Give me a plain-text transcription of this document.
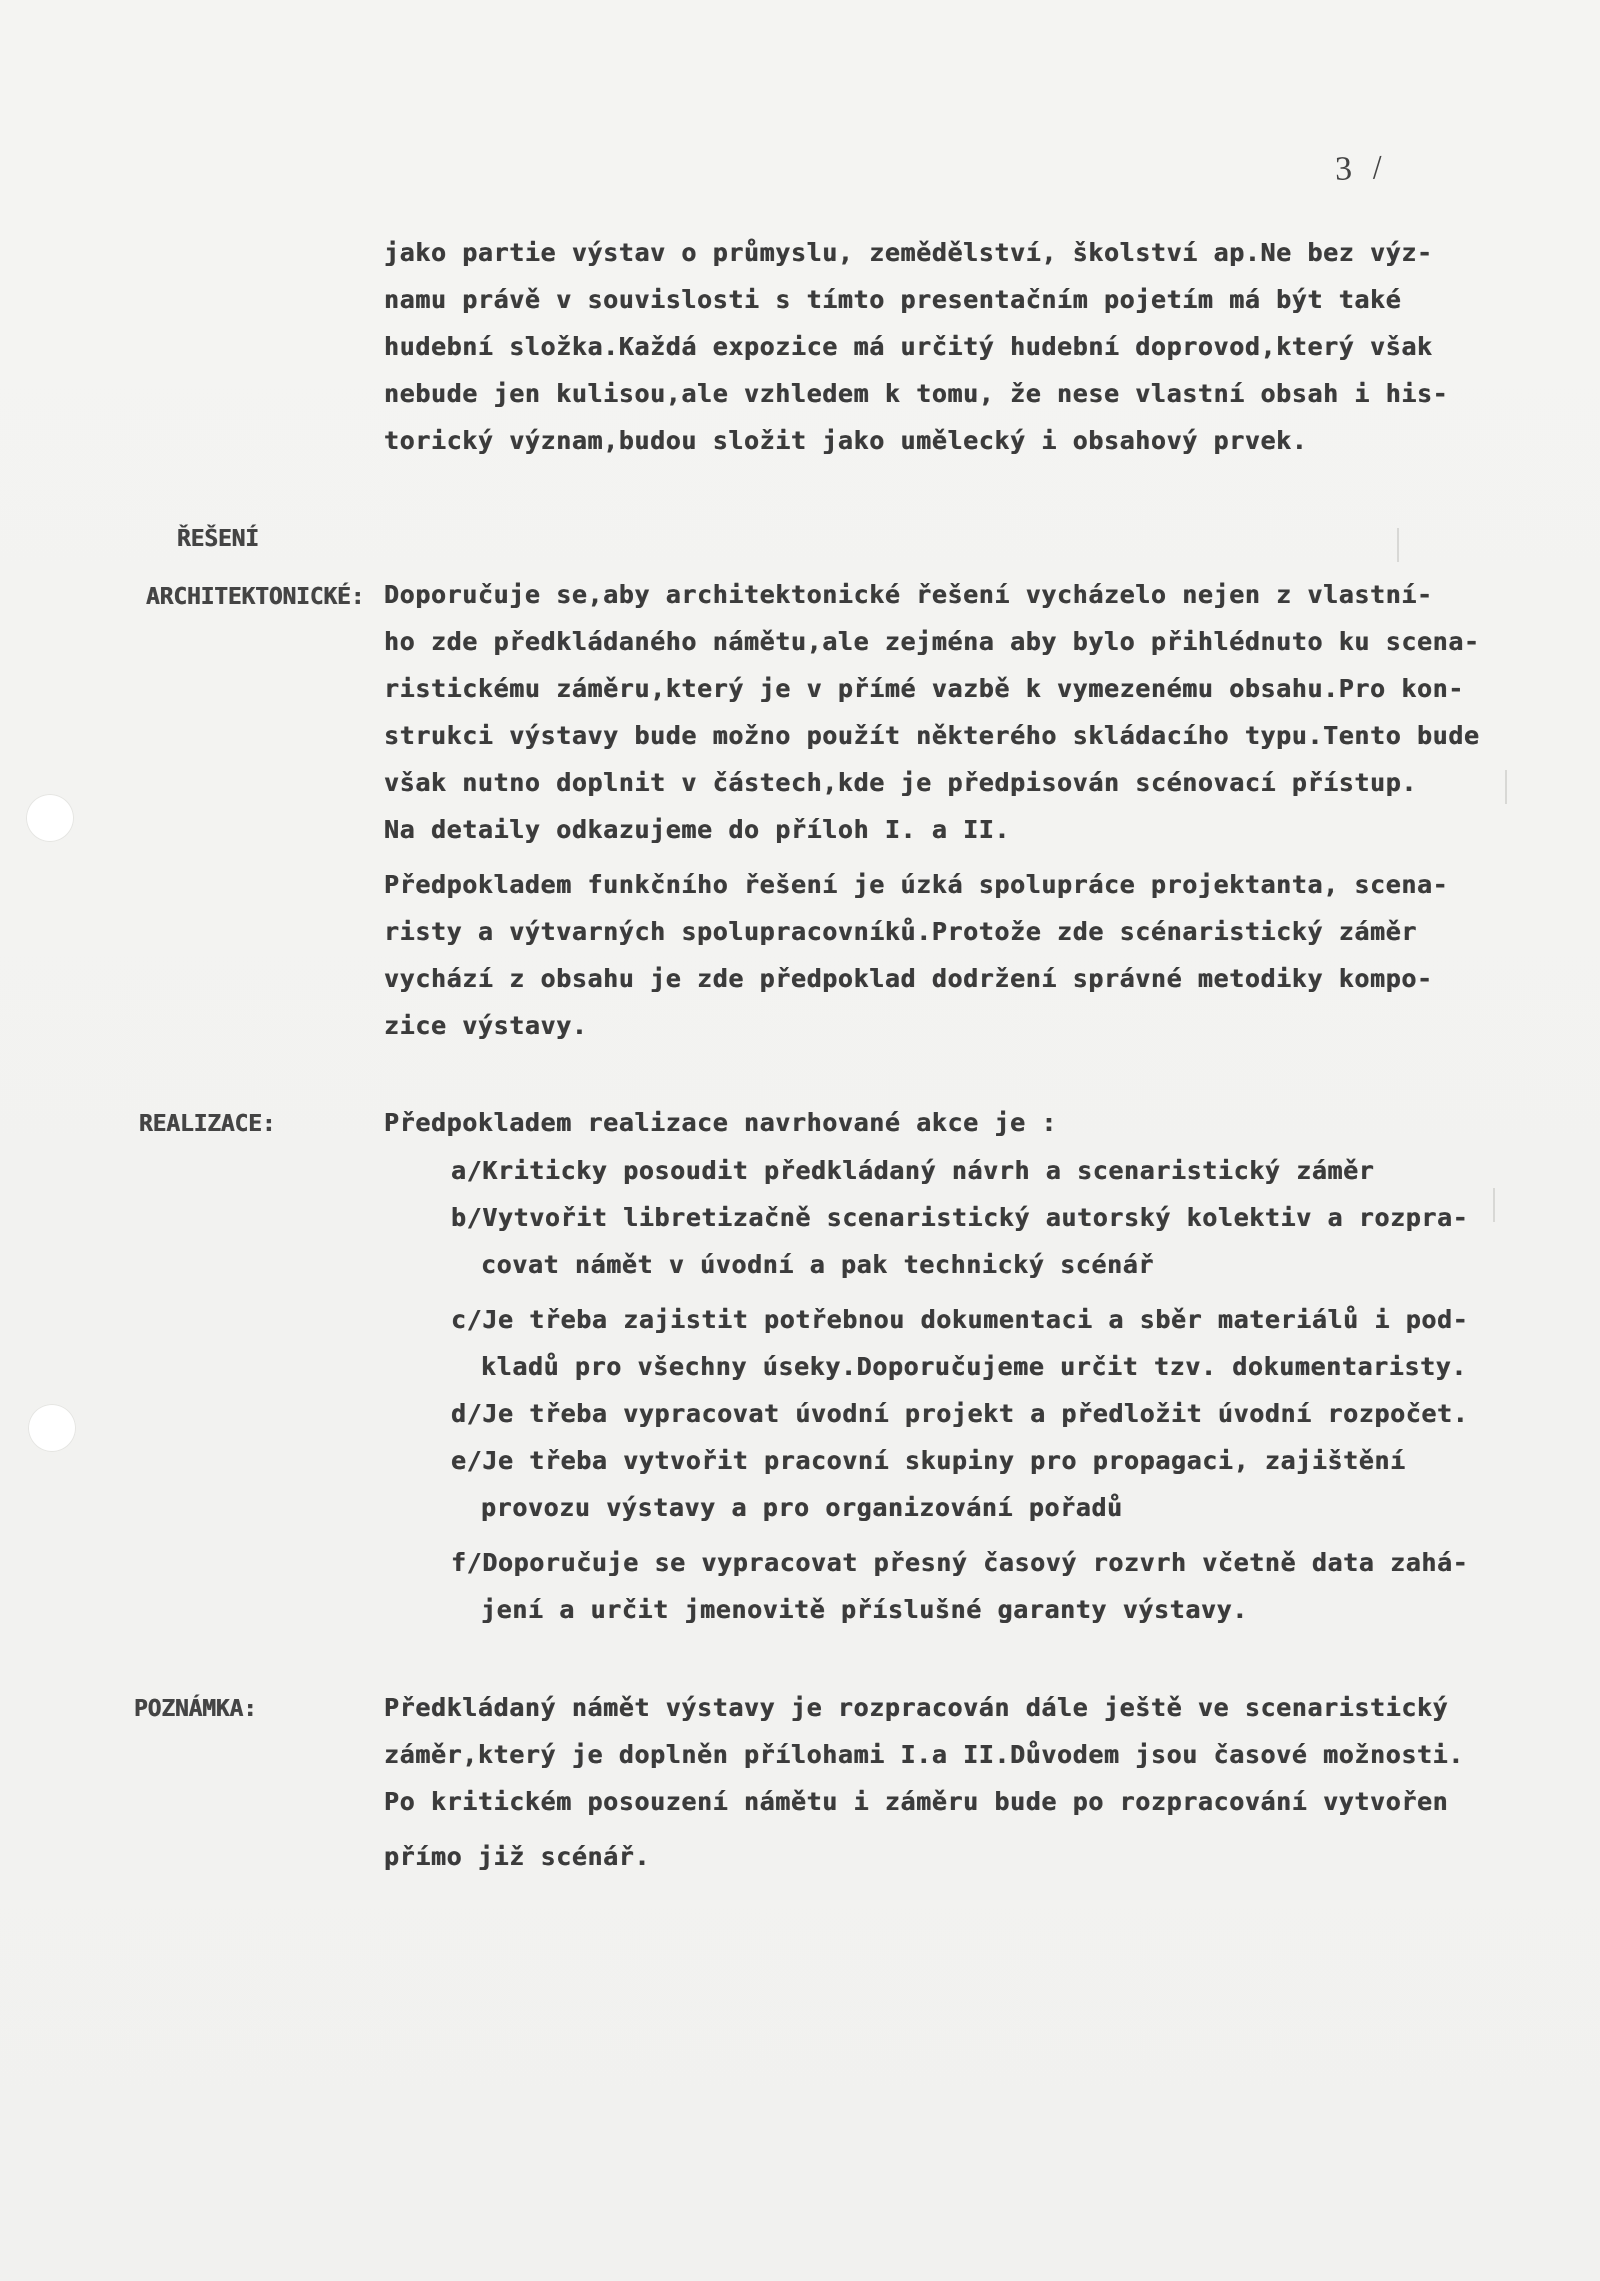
3 /

jako partie výstav o průmyslu, zemědělství, školství ap.Ne bez výz-

namu právě v souvislosti s tímto presentačním pojetím má být také

hudební složka.Každá expozice má určitý hudební doprovod,který však

nebude jen kulisou,ale vzhledem k tomu, že nese vlastní obsah i his-

torický význam,budou složit jako umělecký i obsahový prvek.

ŘEŠENÍ

ARCHITEKTONICKÉ: Doporučuje se,aby architektonické řešení vycházelo nejen z vlastní-

ho zde předkládaného námětu,ale zejména aby bylo přihlédnuto ku scena-

ristickému záměru,který je v přímé vazbě k vymezenému obsahu.Pro kon-

strukci výstavy bude možno použít některého skládacího typu.Tento bude

však nutno doplnit v částech,kde je předpisován scénovací přístup.

Na detaily odkazujeme do příloh I. a II.

Předpokladem funkčního řešení je úzká spolupráce projektanta, scena-

risty a výtvarných spolupracovníků.Protože zde scénaristický záměr

vychází z obsahu je zde předpoklad dodržení správné metodiky kompo-

zice výstavy.

REALIZACE:	Předpokladem realizace navrhované akce je :

a/Kriticky posoudit předkládaný návrh a scenaristický záměr

b/Vytvořit libretizačně scenaristický autorský kolektiv a rozpra-

covat námět v úvodní a pak technický scénář

c/Je třeba zajistit potřebnou dokumentaci a sběr materiálů i pod-

kladů pro všechny úseky.Doporučujeme určit tzv. dokumentaristy.

d/Je třeba vypracovat úvodní projekt a předložit úvodní rozpočet.

e/Je třeba vytvořit pracovní skupiny pro propagaci, zajištění

provozu výstavy a pro organizování pořadů

f/Doporučuje se vypracovat přesný časový rozvrh včetně data zahá-

jení a určit jmenovitě příslušné garanty výstavy.

POZNÁMKA:	Předkládaný námět výstavy je rozpracován dále ještě ve scenaristický

záměr,který je doplněn přílohami I.a II.Důvodem jsou časové možnosti.

Po kritickém posouzení námětu i záměru bude po rozpracování vytvořen

přímo již scénář.
